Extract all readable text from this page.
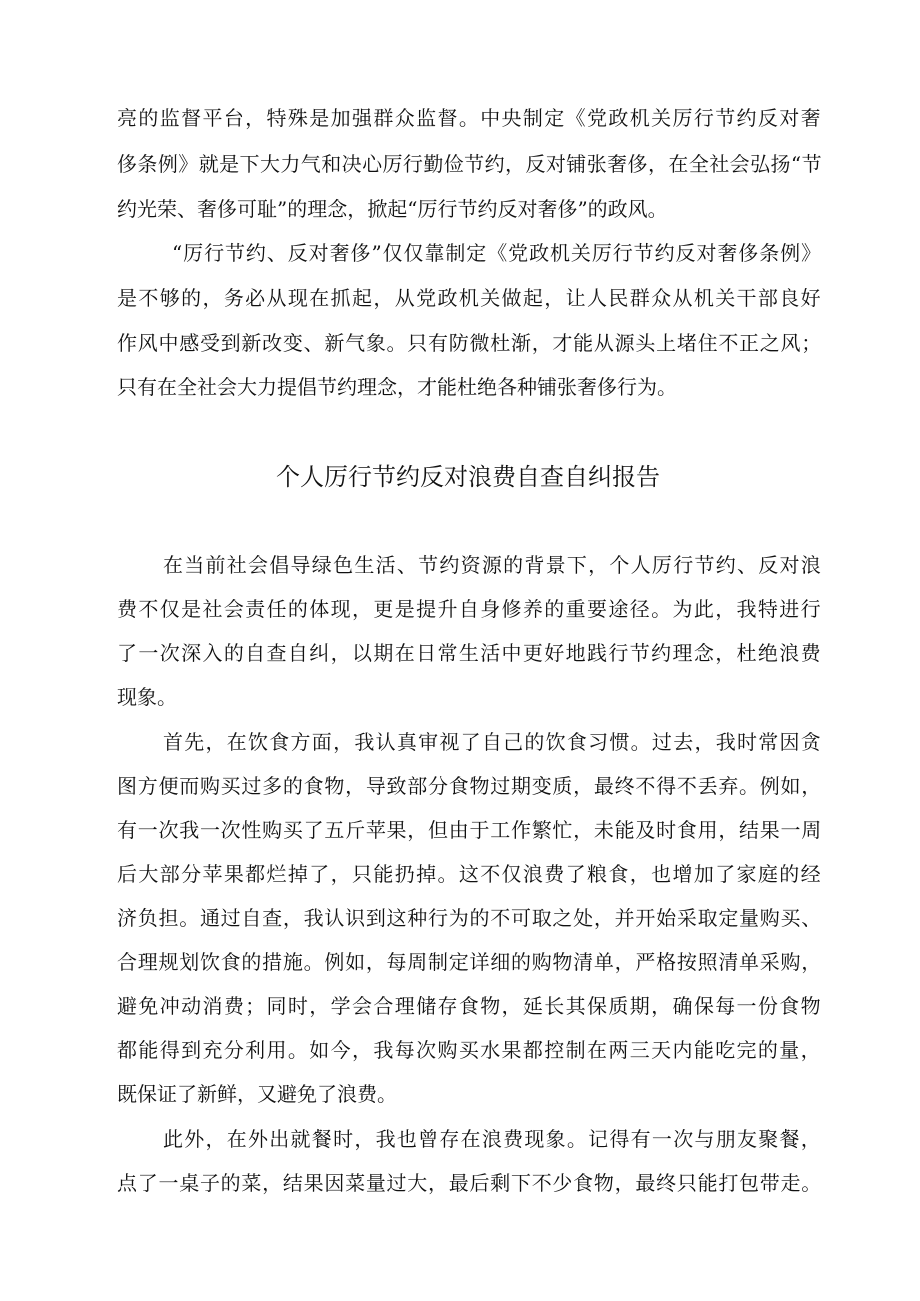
亮的监督平台，特殊是加强群众监督。中央制定《党政机关厉行节约反对奢
侈条例》就是下大力气和决心厉行勤俭节约，反对铺张奢侈，在全社会弘扬“节
约光荣、奢侈可耻”的理念，掀起“厉行节约反对奢侈”的政风。
“厉行节约、反对奢侈”仅仅靠制定《党政机关厉行节约反对奢侈条例》
是不够的，务必从现在抓起，从党政机关做起，让人民群众从机关干部良好
作风中感受到新改变、新气象。只有防微杜渐，才能从源头上堵住不正之风；
只有在全社会大力提倡节约理念，才能杜绝各种铺张奢侈行为。
个人厉行节约反对浪费自查自纠报告
在当前社会倡导绿色生活、节约资源的背景下，个人厉行节约、反对浪
费不仅是社会责任的体现，更是提升自身修养的重要途径。为此，我特进行
了一次深入的自查自纠，以期在日常生活中更好地践行节约理念，杜绝浪费
现象。
首先，在饮食方面，我认真审视了自己的饮食习惯。过去，我时常因贪
图方便而购买过多的食物，导致部分食物过期变质，最终不得不丢弃。例如，
有一次我一次性购买了五斤苹果，但由于工作繁忙，未能及时食用，结果一周
后大部分苹果都烂掉了，只能扔掉。这不仅浪费了粮食，也增加了家庭的经
济负担。通过自查，我认识到这种行为的不可取之处，并开始采取定量购买、
合理规划饮食的措施。例如，每周制定详细的购物清单，严格按照清单采购，
避免冲动消费；同时，学会合理储存食物，延长其保质期，确保每一份食物
都能得到充分利用。如今，我每次购买水果都控制在两三天内能吃完的量，
既保证了新鲜，又避免了浪费。
此外，在外出就餐时，我也曾存在浪费现象。记得有一次与朋友聚餐，
点了一桌子的菜，结果因菜量过大，最后剩下不少食物，最终只能打包带走。
